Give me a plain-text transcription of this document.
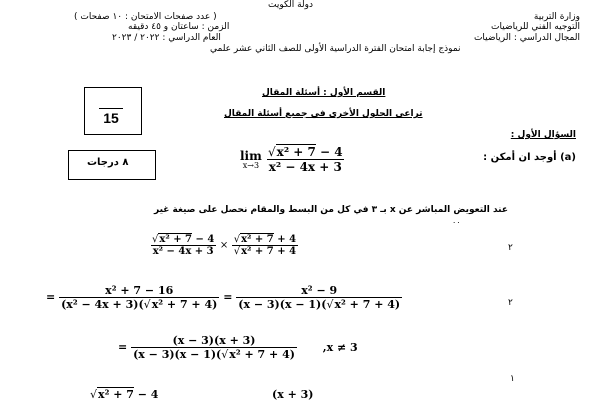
دولة الكويت
وزارة التربية
التوجيه الفني للرياضيات
المجال الدراسي : الرياضيات
( عدد صفحات الامتحان : ١٠ صفحات )
الزمن : ساعتان و ٤٥ دقيقه
العام الدراسي : ٢٠٢٢ / ٢٠٢٣
نموذج إجابة امتحان الفترة الدراسية الأولى للصف الثاني عشر علمي
15
القسم الأول : أسئلة المقال
تراعى الحلول الأخرى في جميع أسئلة المقال
السؤال الأول :
(a) أوجد ان أمكن :
٨ درجات	lim
x→3
$\frac{\text{√x² + 7 − 4}}{\text{x² − 4x + 3}}$
عند التعويض المباشر عن x بـ ٣ في كل من البسط والمقام نحصل على صيغة غير
٠٠
$\frac{\text{√x² + 7 − 4}}{\text{x² − 4x + 3}} \times \frac{\text{√x² + 7 + 4}}{\text{√x² + 7 + 4}}$
= $\frac{\text{x² + 7 − 16}}{\text{(x² − 4x + 3)(√x² + 7 + 4)}} = \frac{\text{x² − 9}}{\text{(x − 3)(x − 1)(√x² + 7 + 4)}}$
= $\frac{(x - 3)(x + 3)}{\text{(x − 3)(x − 1)(√x² + 7 + 4)}} ,x \ne 3$
√x² + 7 − 4	(x + 3)
٢
٢
١
